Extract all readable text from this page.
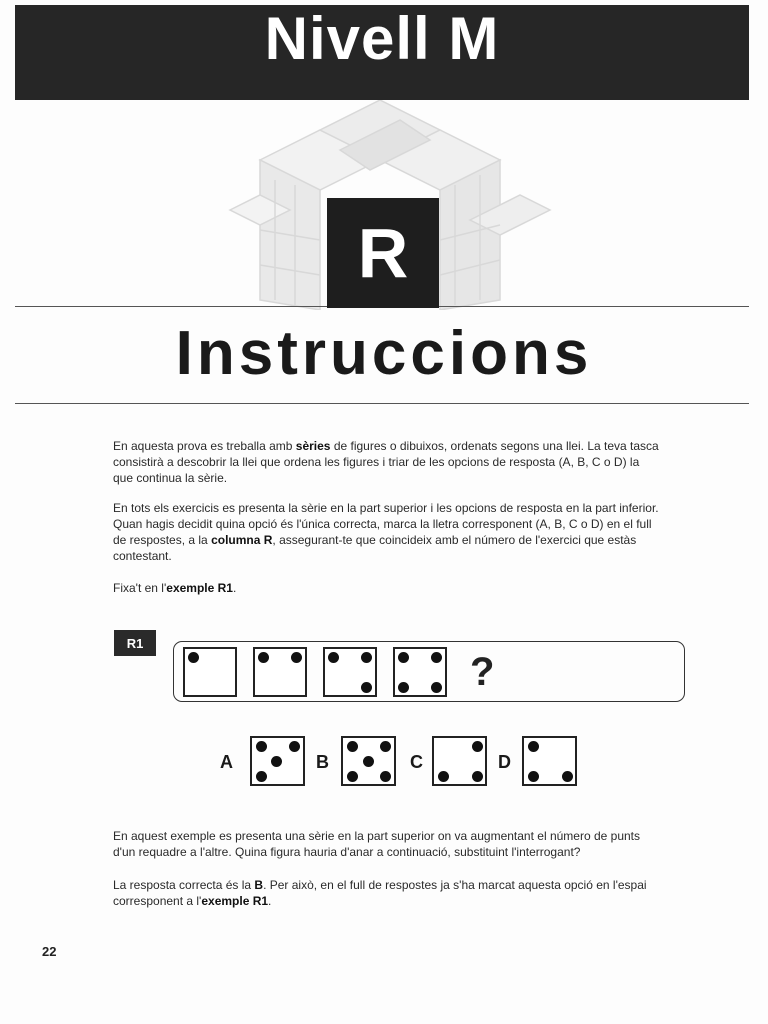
Nivell M
R
Instruccions

En aquesta prova es treballa amb sèries de figures o dibuixos, ordenats segons una llei. La teva tasca consistirà a descobrir la llei que ordena les figures i triar de les opcions de resposta (A, B, C o D) la que continua la sèrie.

En tots els exercicis es presenta la sèrie en la part superior i les opcions de resposta en la part inferior. Quan hagis decidit quina opció és l'única correcta, marca la lletra corresponent (A, B, C o D) en el full de respostes, a la columna R, assegurant-te que coincideix amb el número de l'exercici que estàs contestant.

Fixa't en l'exemple R1.

R1
?
A	B	C	D

En aquest exemple es presenta una sèrie en la part superior on va augmentant el número de punts d'un requadre a l'altre. Quina figura hauria d'anar a continuació, substituint l'interrogant?

La resposta correcta és la B. Per això, en el full de respostes ja s'ha marcat aquesta opció en l'espai corresponent a l'exemple R1.

22
